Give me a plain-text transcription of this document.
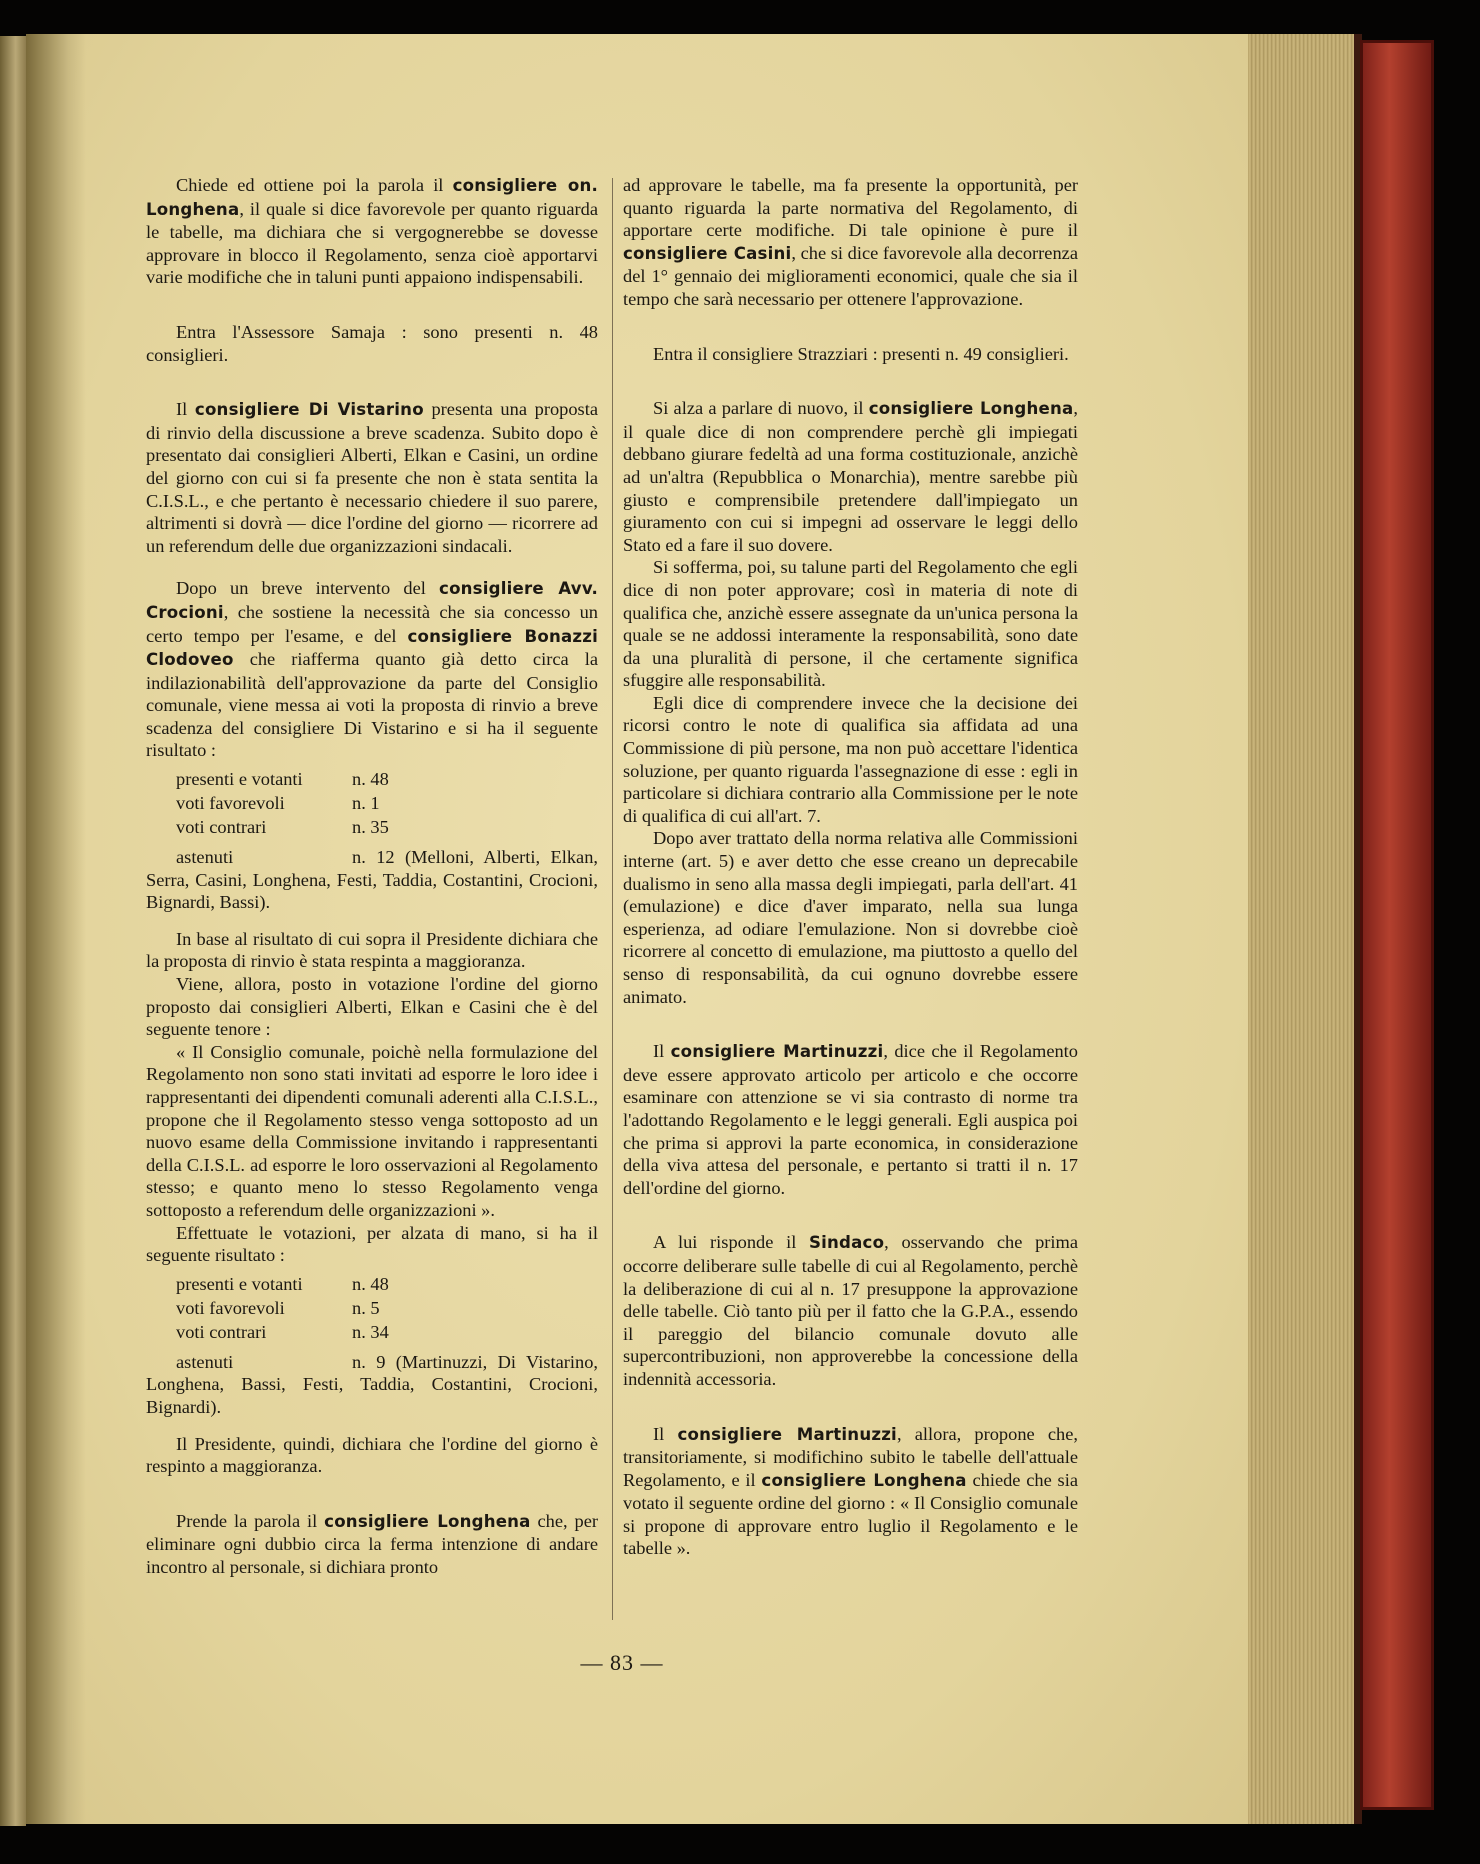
Chiede ed ottiene poi la parola il consigliere on. Longhena, il quale si dice favorevole per quanto riguarda le tabelle, ma dichiara che si vergognerebbe se dovesse approvare in blocco il Regolamento, senza cioè apportarvi varie modifiche che in taluni punti appaiono indispensabili.

Entra l'Assessore Samaja : sono presenti n. 48 consiglieri.

Il consigliere Di Vistarino presenta una proposta di rinvio della discussione a breve scadenza. Subito dopo è presentato dai consiglieri Alberti, Elkan e Casini, un ordine del giorno con cui si fa presente che non è stata sentita la C.I.S.L., e che pertanto è necessario chiedere il suo parere, altrimenti si dovrà — dice l'ordine del giorno — ricorrere ad un referendum delle due organizzazioni sindacali.

Dopo un breve intervento del consigliere Avv. Crocioni, che sostiene la necessità che sia concesso un certo tempo per l'esame, e del consigliere Bonazzi Clodoveo che riafferma quanto già detto circa la indilazionabilità dell'approvazione da parte del Consiglio comunale, viene messa ai voti la proposta di rinvio a breve scadenza del consigliere Di Vistarino e si ha il seguente risultato :

presenti e votanti	n. 48
voti favorevoli	n. 1
voti contrari	n. 35
astenuti	n. 12 (Melloni, Alberti, Elkan, Serra, Casini, Longhena, Festi, Taddia, Costantini, Crocioni, Bignardi, Bassi).

In base al risultato di cui sopra il Presidente dichiara che la proposta di rinvio è stata respinta a maggioranza.

Viene, allora, posto in votazione l'ordine del giorno proposto dai consiglieri Alberti, Elkan e Casini che è del seguente tenore :

« Il Consiglio comunale, poichè nella formulazione del Regolamento non sono stati invitati ad esporre le loro idee i rappresentanti dei dipendenti comunali aderenti alla C.I.S.L., propone che il Regolamento stesso venga sottoposto ad un nuovo esame della Commissione invitando i rappresentanti della C.I.S.L. ad esporre le loro osservazioni al Regolamento stesso; e quanto meno lo stesso Regolamento venga sottoposto a referendum delle organizzazioni ».

Effettuate le votazioni, per alzata di mano, si ha il seguente risultato :

presenti e votanti	n. 48
voti favorevoli	n. 5
voti contrari	n. 34
astenuti	n. 9 (Martinuzzi, Di Vistarino, Longhena, Bassi, Festi, Taddia, Costantini, Crocioni, Bignardi).

Il Presidente, quindi, dichiara che l'ordine del giorno è respinto a maggioranza.

Prende la parola il consigliere Longhena che, per eliminare ogni dubbio circa la ferma intenzione di andare incontro al personale, si dichiara pronto

ad approvare le tabelle, ma fa presente la opportunità, per quanto riguarda la parte normativa del Regolamento, di apportare certe modifiche. Di tale opinione è pure il consigliere Casini, che si dice favorevole alla decorrenza del 1° gennaio dei miglioramenti economici, quale che sia il tempo che sarà necessario per ottenere l'approvazione.

Entra il consigliere Strazziari : presenti n. 49 consiglieri.

Si alza a parlare di nuovo, il consigliere Longhena, il quale dice di non comprendere perchè gli impiegati debbano giurare fedeltà ad una forma costituzionale, anzichè ad un'altra (Repubblica o Monarchia), mentre sarebbe più giusto e comprensibile pretendere dall'impiegato un giuramento con cui si impegni ad osservare le leggi dello Stato ed a fare il suo dovere.

Si sofferma, poi, su talune parti del Regolamento che egli dice di non poter approvare; così in materia di note di qualifica che, anzichè essere assegnate da un'unica persona la quale se ne addossi interamente la responsabilità, sono date da una pluralità di persone, il che certamente significa sfuggire alle responsabilità.

Egli dice di comprendere invece che la decisione dei ricorsi contro le note di qualifica sia affidata ad una Commissione di più persone, ma non può accettare l'identica soluzione, per quanto riguarda l'assegnazione di esse : egli in particolare si dichiara contrario alla Commissione per le note di qualifica di cui all'art. 7.

Dopo aver trattato della norma relativa alle Commissioni interne (art. 5) e aver detto che esse creano un deprecabile dualismo in seno alla massa degli impiegati, parla dell'art. 41 (emulazione) e dice d'aver imparato, nella sua lunga esperienza, ad odiare l'emulazione. Non si dovrebbe cioè ricorrere al concetto di emulazione, ma piuttosto a quello del senso di responsabilità, da cui ognuno dovrebbe essere animato.

Il consigliere Martinuzzi, dice che il Regolamento deve essere approvato articolo per articolo e che occorre esaminare con attenzione se vi sia contrasto di norme tra l'adottando Regolamento e le leggi generali. Egli auspica poi che prima si approvi la parte economica, in considerazione della viva attesa del personale, e pertanto si tratti il n. 17 dell'ordine del giorno.

A lui risponde il Sindaco, osservando che prima occorre deliberare sulle tabelle di cui al Regolamento, perchè la deliberazione di cui al n. 17 presuppone la approvazione delle tabelle. Ciò tanto più per il fatto che la G.P.A., essendo il pareggio del bilancio comunale dovuto alle supercontribuzioni, non approverebbe la concessione della indennità accessoria.

Il consigliere Martinuzzi, allora, propone che, transitoriamente, si modifichino subito le tabelle dell'attuale Regolamento, e il consigliere Longhena chiede che sia votato il seguente ordine del giorno : « Il Consiglio comunale si propone di approvare entro luglio il Regolamento e le tabelle ».

— 83 —
